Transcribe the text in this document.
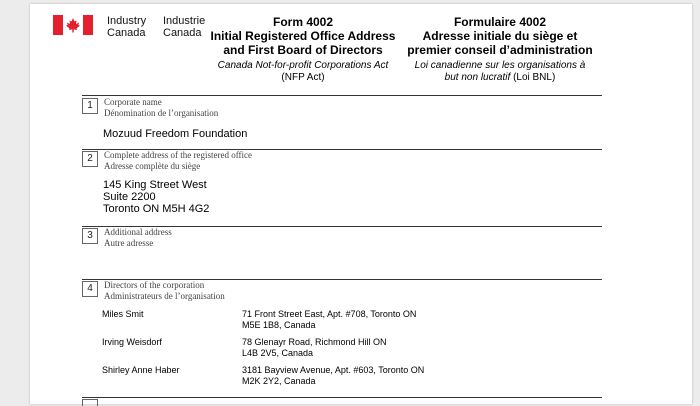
Industry
Canada
Industrie
Canada
Form 4002
Initial Registered Office Address
and First Board of Directors
Canada Not-for-profit Corporations Act
(NFP Act)
Formulaire 4002
Adresse initiale du siège et
premier conseil d’administration
Loi canadienne sur les organisations à
but non lucratif (Loi BNL)
1	Corporate name
Dénomination de l’organisation
Mozuud Freedom Foundation
2	Complete address of the registered office
Adresse complète du siège
145 King Street West
Suite 2200
Toronto ON M5H 4G2
3	Additional address
Autre adresse
4	Directors of the corporation
Administrateurs de l’organisation
Miles Smit	71 Front Street East, Apt. #708, Toronto ON
M5E 1B8, Canada
Irving Weisdorf	78 Glenayr Road, Richmond Hill ON
L4B 2V5, Canada
Shirley Anne Haber	3181 Bayview Avenue, Apt. #603, Toronto ON
M2K 2Y2, Canada
